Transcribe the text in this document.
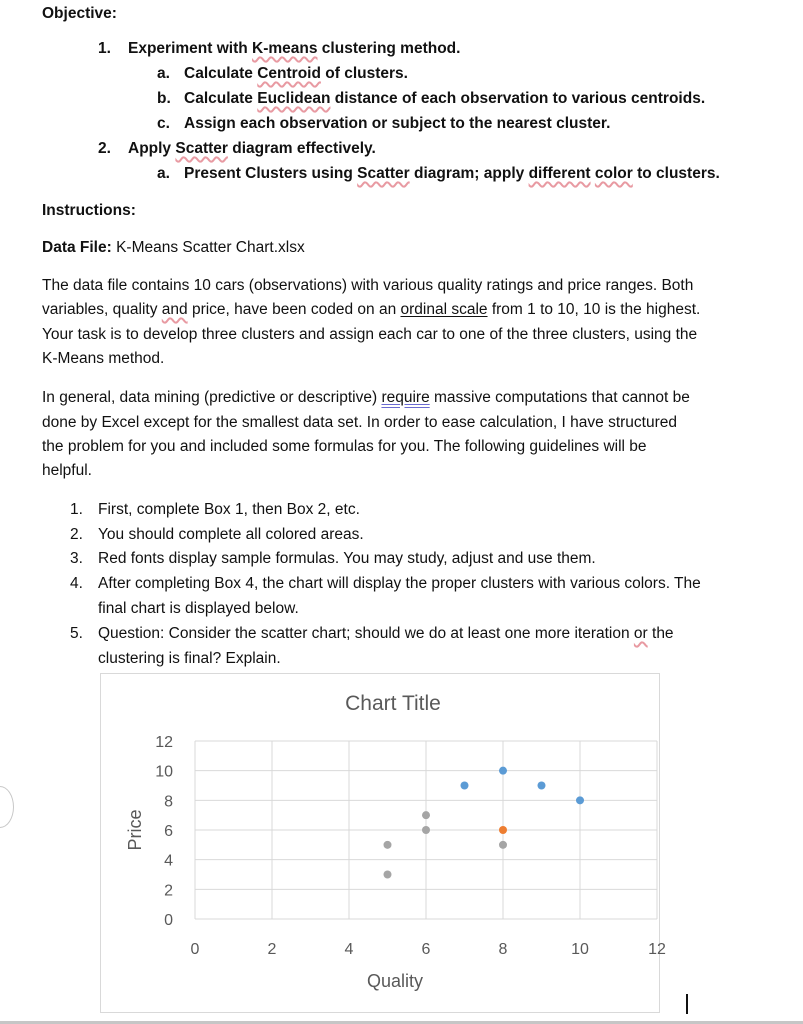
Objective:
1. Experiment with K-means clustering method.
a. Calculate Centroid of clusters.
b. Calculate Euclidean distance of each observation to various centroids.
c. Assign each observation or subject to the nearest cluster.
2. Apply Scatter diagram effectively.
a. Present Clusters using Scatter diagram; apply different color to clusters.
Instructions:
Data File: K-Means Scatter Chart.xlsx
The data file contains 10 cars (observations) with various quality ratings and price ranges. Both
variables, quality and price, have been coded on an ordinal scale from 1 to 10, 10 is the highest.
Your task is to develop three clusters and assign each car to one of the three clusters, using the
K-Means method.
In general, data mining (predictive or descriptive) require massive computations that cannot be
done by Excel except for the smallest data set. In order to ease calculation, I have structured
the problem for you and included some formulas for you. The following guidelines will be
helpful.
1. First, complete Box 1, then Box 2, etc.
2. You should complete all colored areas.
3. Red fonts display sample formulas. You may study, adjust and use them.
4. After completing Box 4, the chart will display the proper clusters with various colors. The
final chart is displayed below.
5. Question: Consider the scatter chart; should we do at least one more iteration or the
clustering is final? Explain.
Chart Title
0
2
4
6
8
10
12
0	2	4	6	8	10	12
Quality
Price
